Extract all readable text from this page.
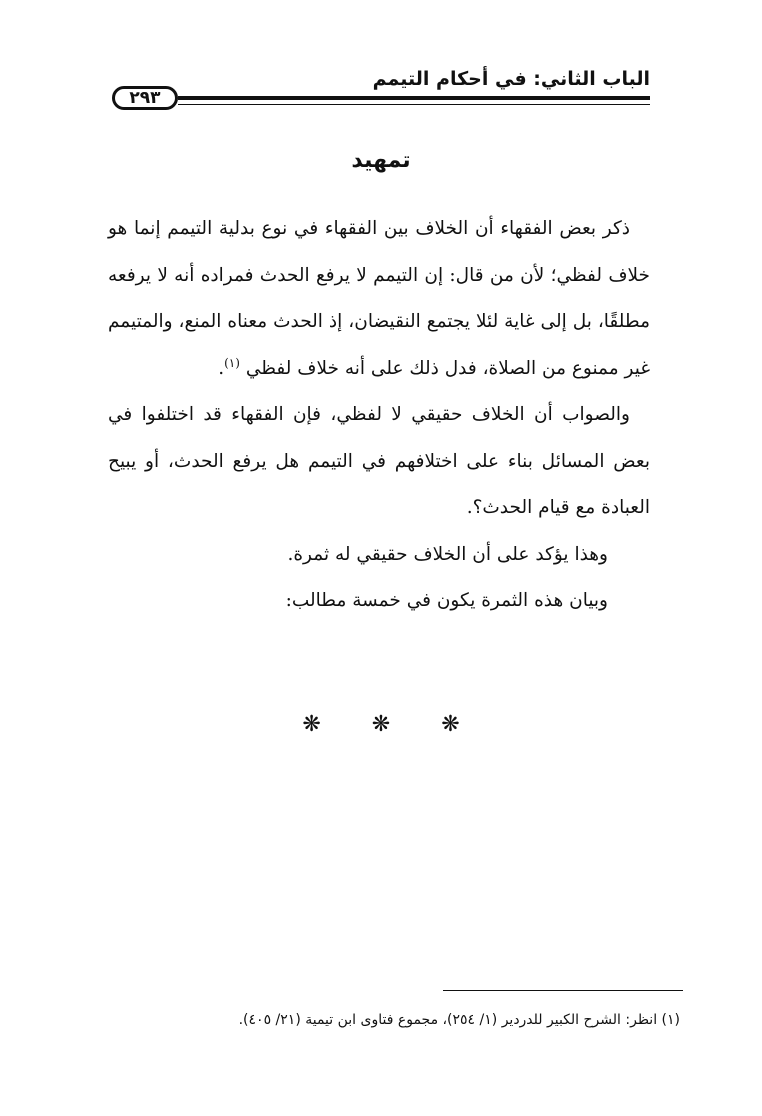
الباب الثاني: في أحكام التيمم
٢٩٣
تمهيد

ذكر بعض الفقهاء أن الخلاف بين الفقهاء في نوع بدلية التيمم إنما هو خلاف لفظي؛ لأن من قال: إن التيمم لا يرفع الحدث فمراده أنه لا يرفعه مطلقًا، بل إلى غاية لئلا يجتمع النقيضان، إذ الحدث معناه المنع، والمتيمم غير ممنوع من الصلاة، فدل ذلك على أنه خلاف لفظي $^{(١)}$.

والصواب أن الخلاف حقيقي لا لفظي، فإن الفقهاء قد اختلفوا في بعض المسائل بناء على اختلافهم في التيمم هل يرفع الحدث، أو يبيح العبادة مع قيام الحدث؟.

وهذا يؤكد على أن الخلاف حقيقي له ثمرة.

وبيان هذه الثمرة يكون في خمسة مطالب:

❋ ❋ ❋
(١) انظر: الشرح الكبير للدردير (١/ ٢٥٤)، مجموع فتاوى ابن تيمية (٢١/ ٤٠٥).
